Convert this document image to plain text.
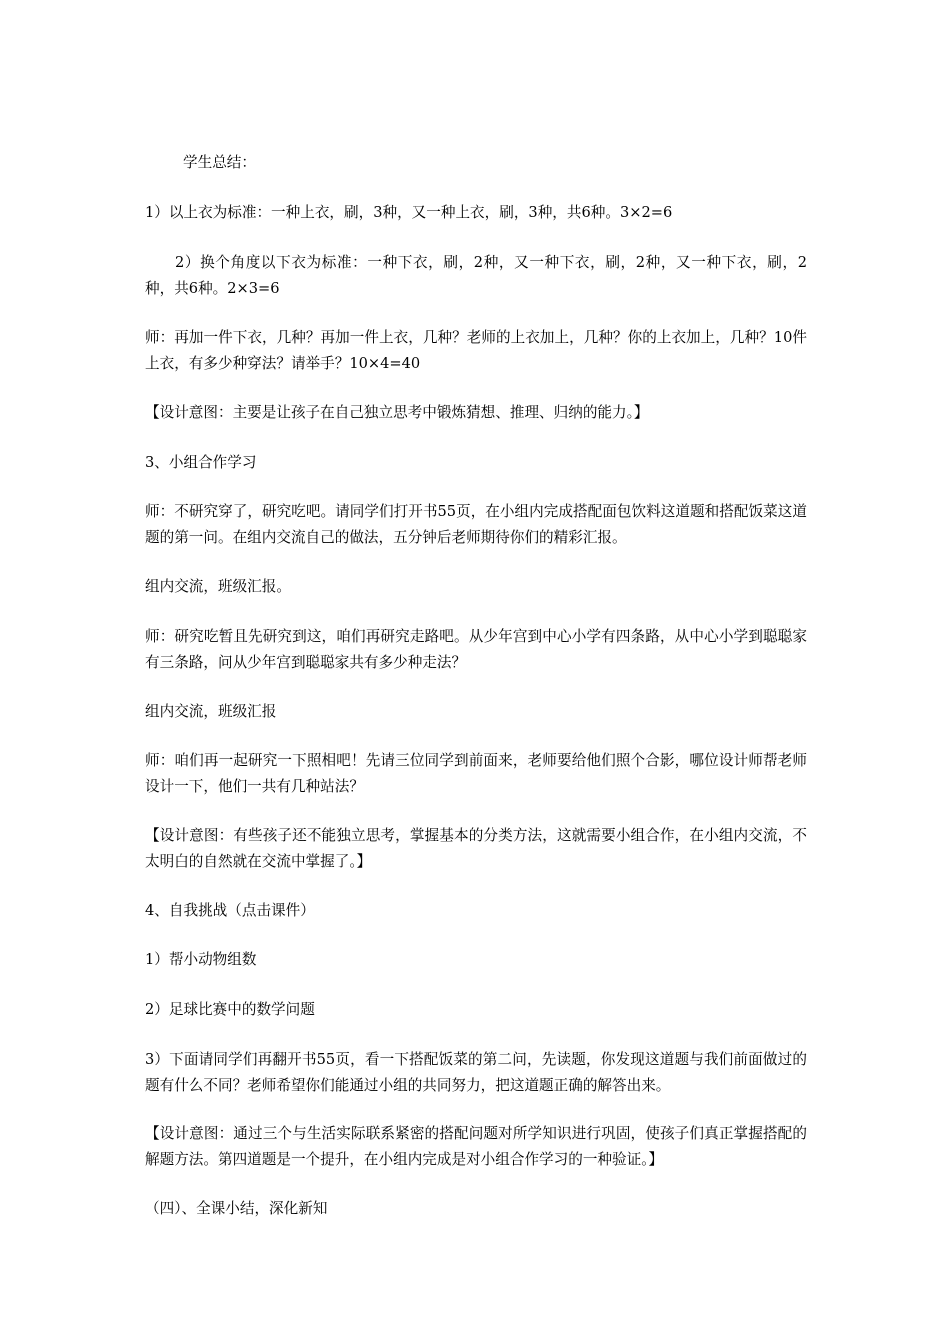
学生总结：

1）以上衣为标准：一种上衣，刷，3种，又一种上衣，刷，3种，共6种。3×2=6

2）换个角度以下衣为标准：一种下衣，刷，2种，又一种下衣，刷，2种，又一种下衣，刷，2种，共6种。2×3=6

师：再加一件下衣，几种？再加一件上衣，几种？老师的上衣加上，几种？你的上衣加上，几种？10件上衣，有多少种穿法？请举手？10×4=40

【设计意图：主要是让孩子在自己独立思考中锻炼猜想、推理、归纳的能力。】

3、小组合作学习

师：不研究穿了，研究吃吧。请同学们打开书55页，在小组内完成搭配面包饮料这道题和搭配饭菜这道题的第一问。在组内交流自己的做法，五分钟后老师期待你们的精彩汇报。

组内交流，班级汇报。

师：研究吃暂且先研究到这，咱们再研究走路吧。从少年宫到中心小学有四条路，从中心小学到聪聪家有三条路，问从少年宫到聪聪家共有多少种走法？

组内交流，班级汇报

师：咱们再一起研究一下照相吧！先请三位同学到前面来，老师要给他们照个合影，哪位设计师帮老师设计一下，他们一共有几种站法？

【设计意图：有些孩子还不能独立思考，掌握基本的分类方法，这就需要小组合作，在小组内交流，不太明白的自然就在交流中掌握了。】

4、自我挑战（点击课件）

1）帮小动物组数

2）足球比赛中的数学问题

3）下面请同学们再翻开书55页，看一下搭配饭菜的第二问，先读题，你发现这道题与我们前面做过的题有什么不同？老师希望你们能通过小组的共同努力，把这道题正确的解答出来。

【设计意图：通过三个与生活实际联系紧密的搭配问题对所学知识进行巩固，使孩子们真正掌握搭配的解题方法。第四道题是一个提升，在小组内完成是对小组合作学习的一种验证。】

（四）、全课小结，深化新知
